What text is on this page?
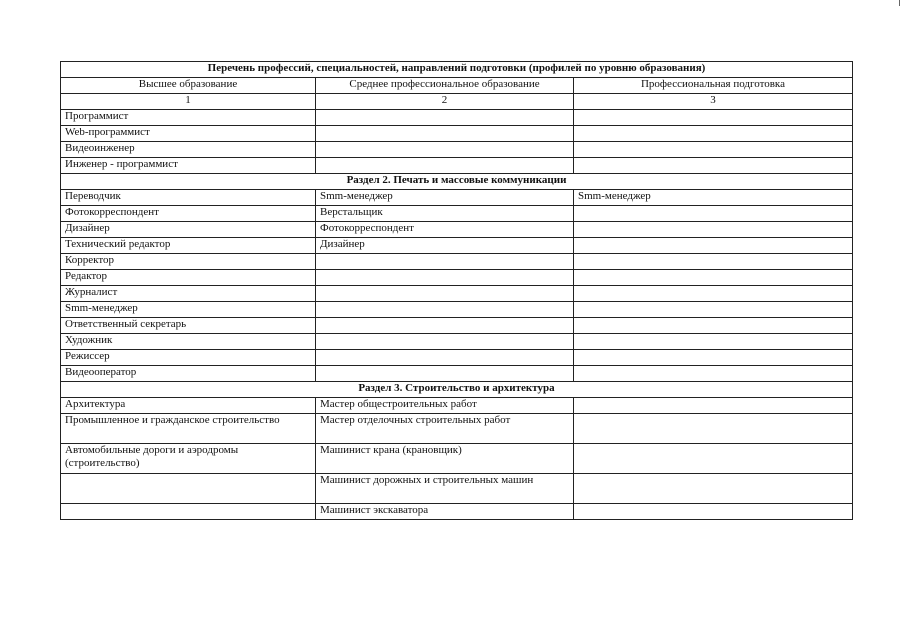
Перечень профессий, специальностей, направлений подготовки (профилей по уровню образования)		
Высшее образование	Среднее профессиональное образование	Профессиональная подготовка
1	2	3
Программист		
Web-программист		
Видеоинженер		
Инженер - программист		
Раздел 2. Печать и массовые коммуникации		
Переводчик	Smm-менеджер	Smm-менеджер
Фотокорреспондент	Верстальщик	
Дизайнер	Фотокорреспондент	
Технический редактор	Дизайнер	
Корректор		
Редактор		
Журналист		
Smm-менеджер		
Ответственный секретарь		
Художник		
Режиссер		
Видеооператор		
Раздел 3. Строительство и архитектура		
Архитектура	Мастер общестроительных работ	
Промышленное и гражданское строительство	Мастер отделочных строительных работ	
Автомобильные дороги и аэродромы (строительство)	Машинист крана (крановщик)	
	Машинист дорожных и строительных машин	
	Машинист экскаватора	
